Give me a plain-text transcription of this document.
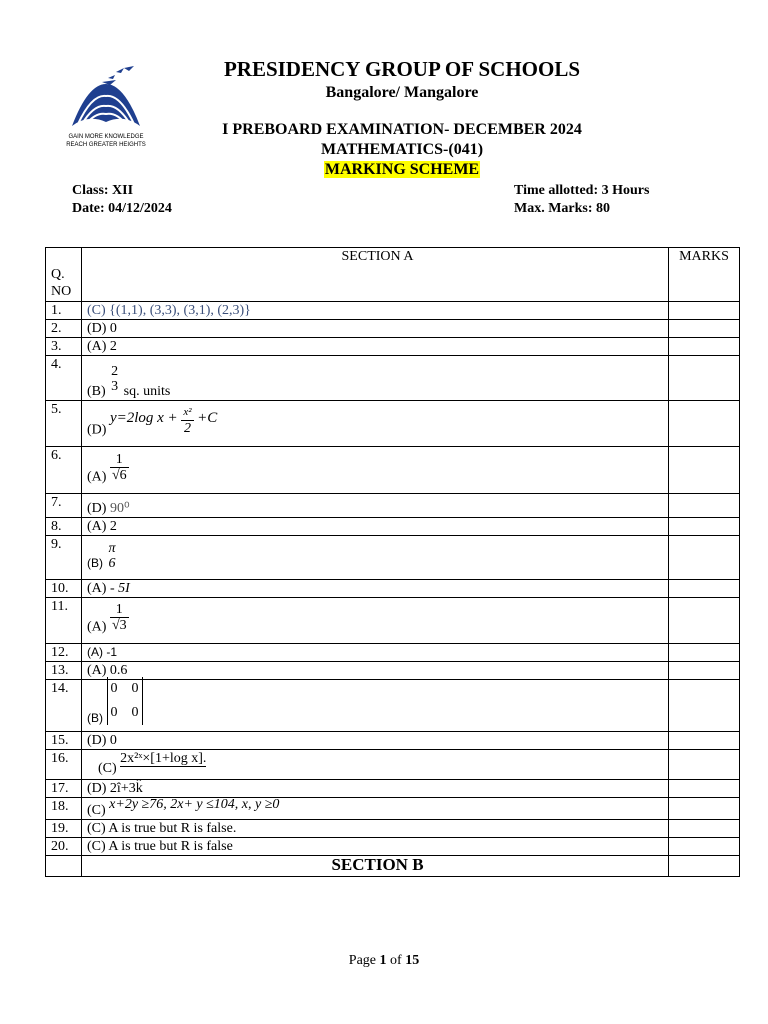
GAIN MORE KNOWLEDGE
REACH GREATER HEIGHTS
PRESIDENCY GROUP OF SCHOOLS
Bangalore/ Mangalore
I PREBOARD EXAMINATION- DECEMBER 2024
MATHEMATICS-(041)
MARKING SCHEME
Class: XII
Date: 04/12/2024
Time allotted: 3 Hours
Max. Marks: 80
Q. NO	SECTION A	MARKS
1.	(C) {(1,1), (3,3), (3,1), (2,3)}	
2.	(D) 0	
3.	(A) 2	
4.	(B)
2
3 sq. units	
5.	(D) y=2log $x + \frac{\text{x²}}{2} +C$	
6.	$(A) \frac{1}{√6}$

7.	(D) 90⁰	
8.	(A) 2	
9.	(B)
π
6	

10.	(A) - 5I	
11.	$(A) \frac{1}{√3}$

12.	(A) -1	
13.	(A) 0.6	
14.	(B)
0 0
0 0	

15.	(D) 0	
16.	(C) 2x²ˣ×[1+log x].	
17.	(D) 2î+3k̂	
18.	(C) x+2y ≥76, 2x+ y ≤104, x, y ≥0	
19.	(C) A is true but R is false.	
20.	(C) A is true but R is false	
	SECTION B	
Page 1 of 15
